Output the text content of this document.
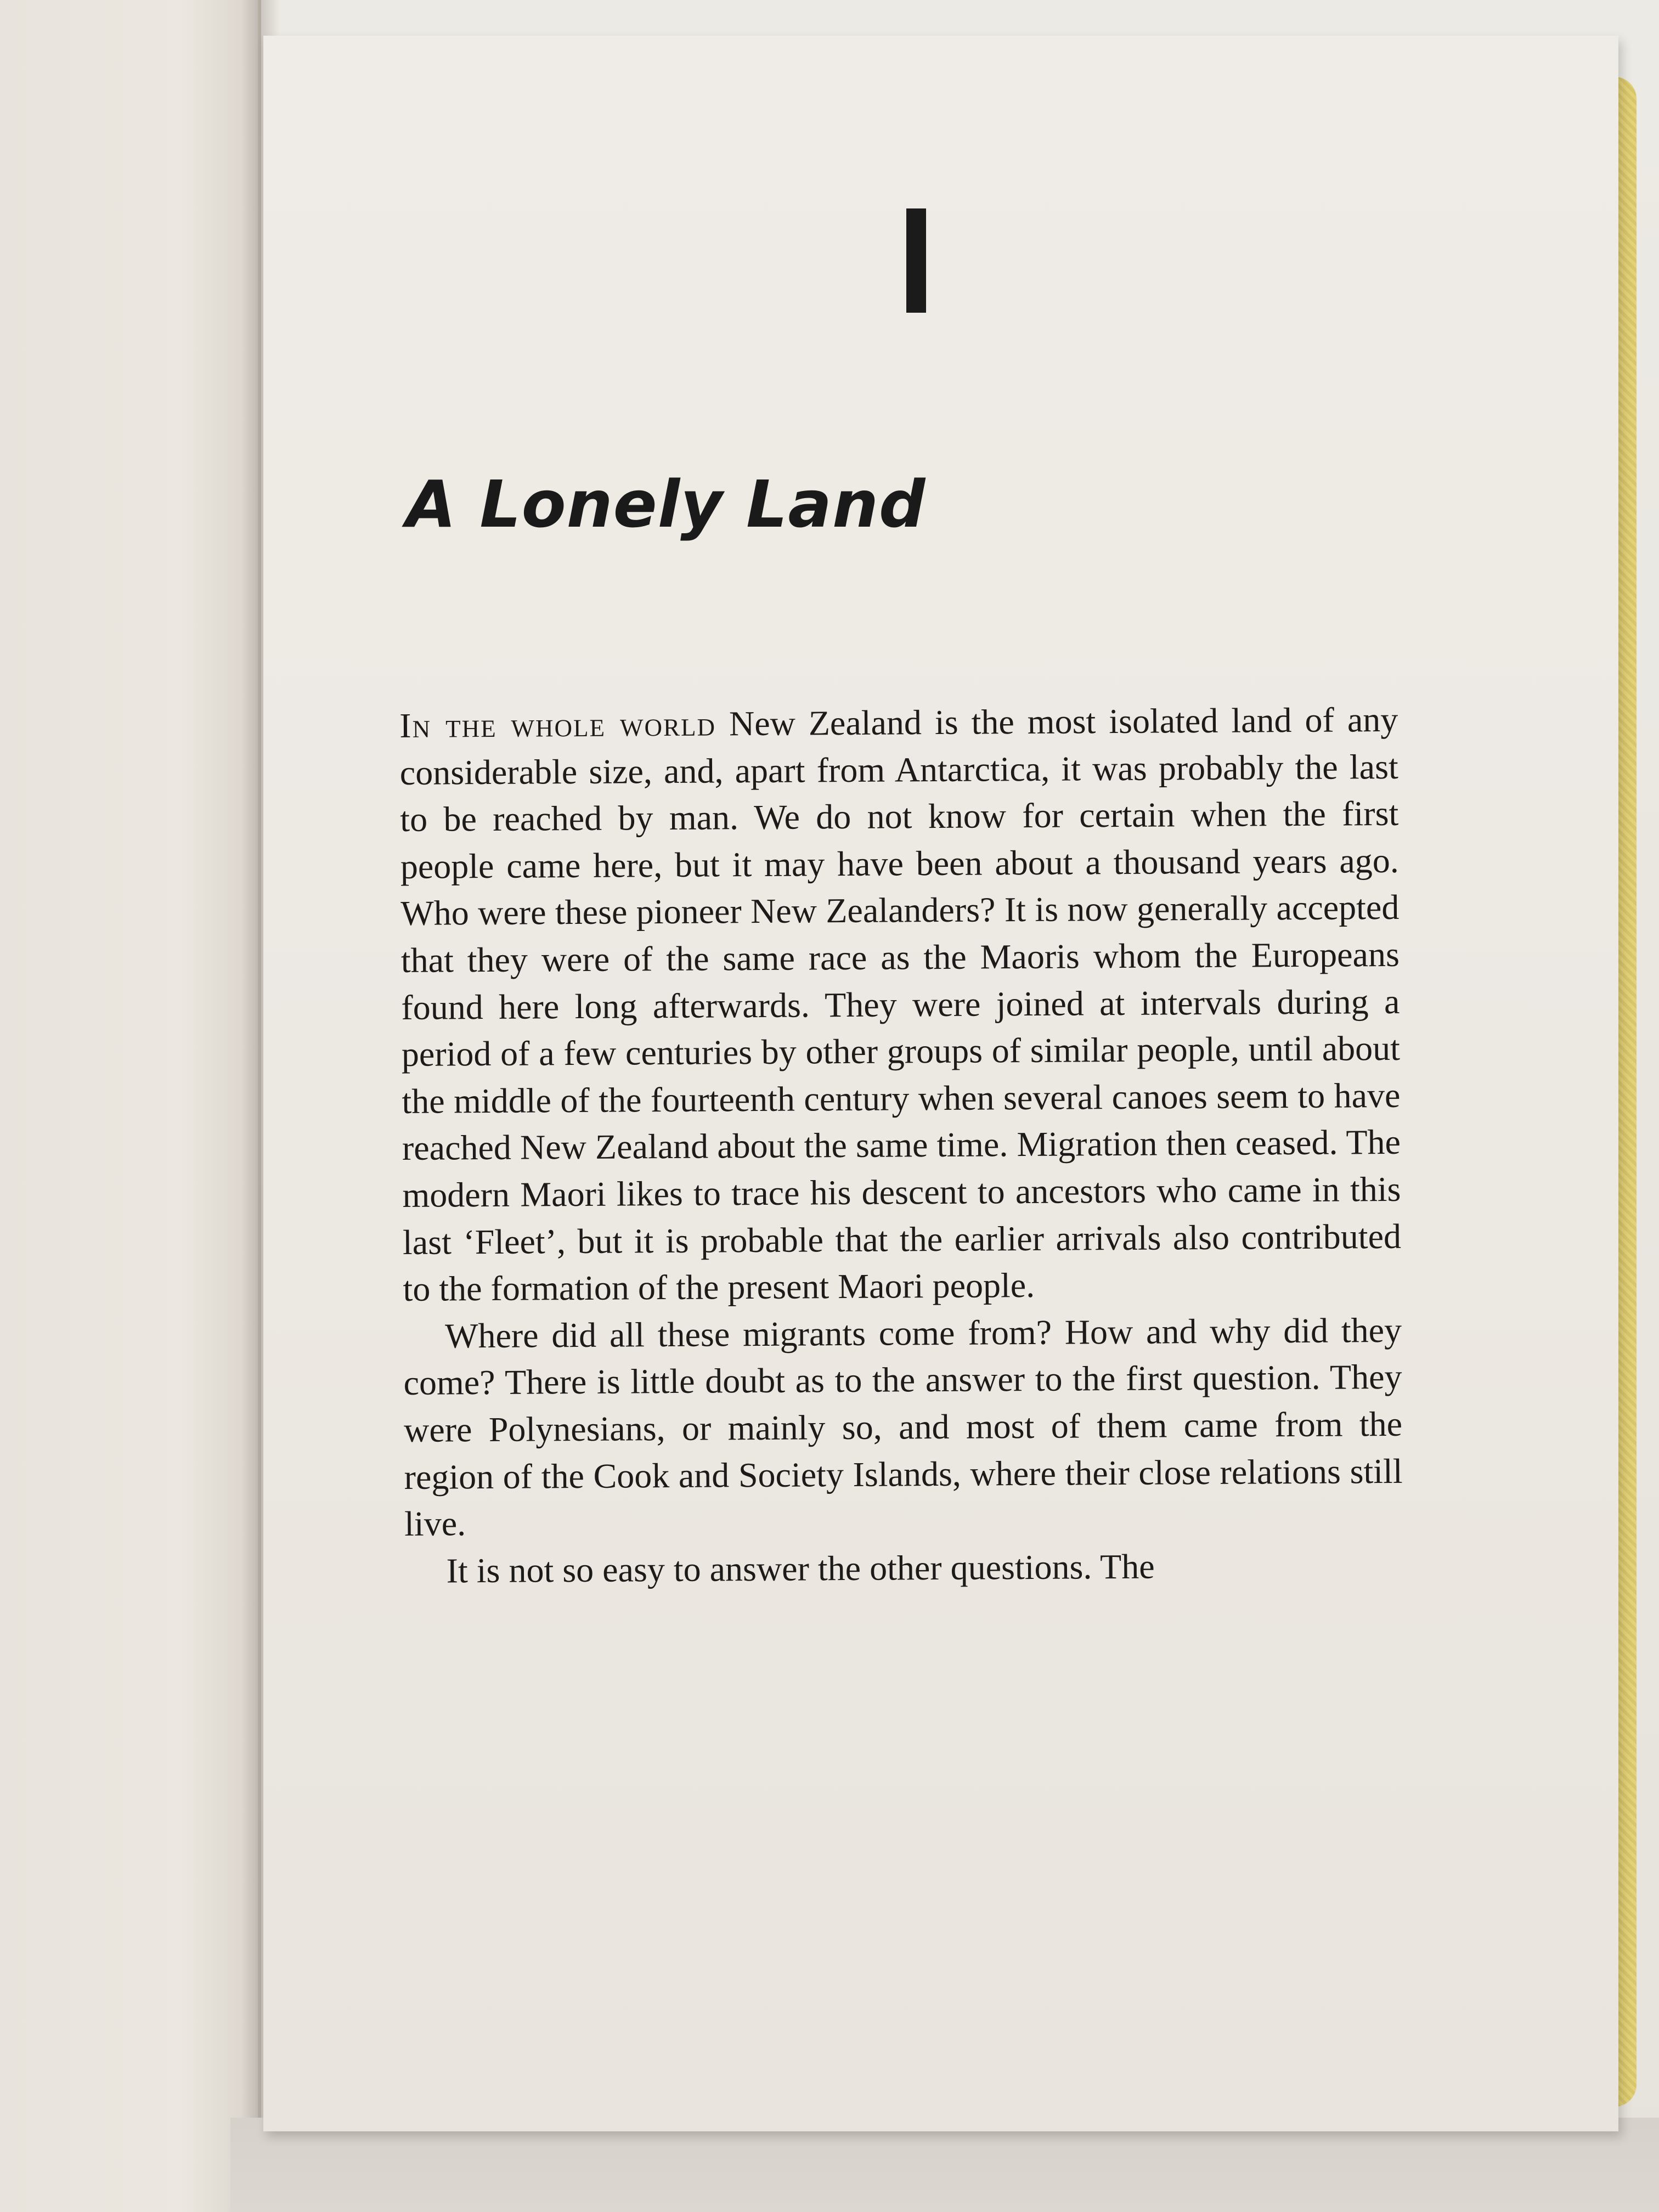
A Lonely Land

In the whole world New Zealand is the most isolated land of any considerable size, and, apart from Antarctica, it was probably the last to be reached by man. We do not know for certain when the first people came here, but it may have been about a thousand years ago. Who were these pioneer New Zealanders? It is now generally accepted that they were of the same race as the Maoris whom the Europeans found here long afterwards. They were joined at intervals during a period of a few centuries by other groups of similar people, until about the middle of the fourteenth century when several canoes seem to have reached New Zealand about the same time. Migration then ceased. The modern Maori likes to trace his descent to ancestors who came in this last ‘Fleet’, but it is probable that the earlier arrivals also contributed to the formation of the present Maori people.

Where did all these migrants come from? How and why did they come? There is little doubt as to the answer to the first question. They were Polynesians, or mainly so, and most of them came from the region of the Cook and Society Islands, where their close relations still live.

It is not so easy to answer the other questions. The
